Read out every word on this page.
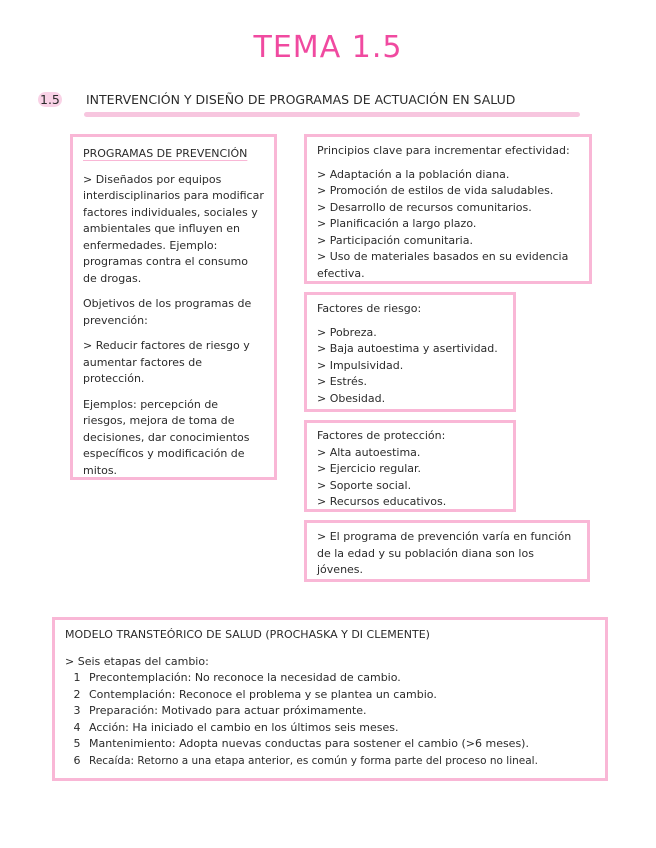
TEMA 1.5
1.5 INTERVENCIÓN Y DISEÑO DE PROGRAMAS DE ACTUACIÓN EN SALUD

PROGRAMAS DE PREVENCIÓN

> Diseñados por equipos interdisciplinarios para modificar factores individuales, sociales y ambientales que influyen en enfermedades. Ejemplo: programas contra el consumo de drogas.

Objetivos de los programas de prevención:

> Reducir factores de riesgo y aumentar factores de protección.

Ejemplos: percepción de riesgos, mejora de toma de decisiones, dar conocimientos específicos y modificación de mitos.

Principios clave para incrementar efectividad:

> Adaptación a la población diana.

> Promoción de estilos de vida saludables.

> Desarrollo de recursos comunitarios.

> Planificación a largo plazo.

> Participación comunitaria.

> Uso de materiales basados en su evidencia efectiva.

Factores de riesgo:

> Pobreza.

> Baja autoestima y asertividad.

> Impulsividad.

> Estrés.

> Obesidad.

Factores de protección:

> Alta autoestima.

> Ejercicio regular.

> Soporte social.

> Recursos educativos.

> El programa de prevención varía en función de la edad y su población diana son los jóvenes.

MODELO TRANSTEÓRICO DE SALUD (PROCHASKA Y DI CLEMENTE)

> Seis etapas del cambio:

1 Precontemplación: No reconoce la necesidad de cambio.
2 Contemplación: Reconoce el problema y se plantea un cambio.
3 Preparación: Motivado para actuar próximamente.
4 Acción: Ha iniciado el cambio en los últimos seis meses.
5 Mantenimiento: Adopta nuevas conductas para sostener el cambio (>6 meses).
6 Recaída: Retorno a una etapa anterior, es común y forma parte del proceso no lineal.
